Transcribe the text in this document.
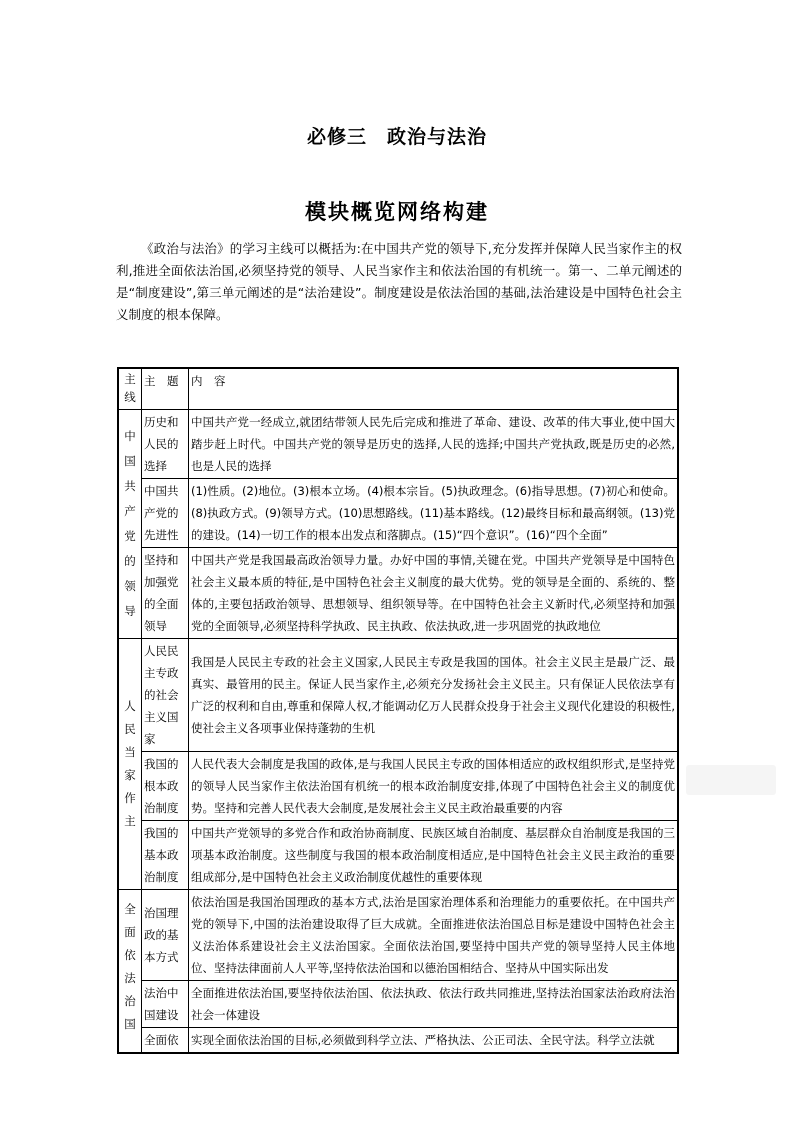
必修三　政治与法治
模块概览网络构建

《政治与法治》的学习主线可以概括为:在中国共产党的领导下,充分发挥并保障人民当家作主的权利,推进全面依法治国,必须坚持党的领导、人民当家作主和依法治国的有机统一。第一、二单元阐述的是“制度建设”,第三单元阐述的是“法治建设”。制度建设是依法治国的基础,法治建设是中国特色社会主义制度的根本保障。

主线	主　题	内　容

中国共产党的领导	历史和人民的选择	中国共产党一经成立,就团结带领人民先后完成和推进了革命、建设、改革的伟大事业,使中国大踏步赶上时代。中国共产党的领导是历史的选择,人民的选择;中国共产党执政,既是历史的必然,也是人民的选择
	中国共产党的先进性	(1)性质。(2)地位。(3)根本立场。(4)根本宗旨。(5)执政理念。(6)指导思想。(7)初心和使命。(8)执政方式。(9)领导方式。(10)思想路线。(11)基本路线。(12)最终目标和最高纲领。(13)党的建设。(14)一切工作的根本出发点和落脚点。(15)“四个意识”。(16)“四个全面”
	坚持和加强党的全面领导	中国共产党是我国最高政治领导力量。办好中国的事情,关键在党。中国共产党领导是中国特色社会主义最本质的特征,是中国特色社会主义制度的最大优势。党的领导是全面的、系统的、整体的,主要包括政治领导、思想领导、组织领导等。在中国特色社会主义新时代,必须坚持和加强党的全面领导,必须坚持科学执政、民主执政、依法执政,进一步巩固党的执政地位

人民当家作主	人民民主专政的社会主义国家	我国是人民民主专政的社会主义国家,人民民主专政是我国的国体。社会主义民主是最广泛、最真实、最管用的民主。保证人民当家作主,必须充分发扬社会主义民主。只有保证人民依法享有广泛的权利和自由,尊重和保障人权,才能调动亿万人民群众投身于社会主义现代化建设的积极性,使社会主义各项事业保持蓬勃的生机
	我国的根本政治制度	人民代表大会制度是我国的政体,是与我国人民民主专政的国体相适应的政权组织形式,是坚持党的领导人民当家作主依法治国有机统一的根本政治制度安排,体现了中国特色社会主义的制度优势。坚持和完善人民代表大会制度,是发展社会主义民主政治最重要的内容
	我国的基本政治制度	中国共产党领导的多党合作和政治协商制度、民族区域自治制度、基层群众自治制度是我国的三项基本政治制度。这些制度与我国的根本政治制度相适应,是中国特色社会主义民主政治的重要组成部分,是中国特色社会主义政治制度优越性的重要体现

全面依法治国	治国理政的基本方式	依法治国是我国治国理政的基本方式,法治是国家治理体系和治理能力的重要依托。在中国共产党的领导下,中国的法治建设取得了巨大成就。全面推进依法治国总目标是建设中国特色社会主义法治体系建设社会主义法治国家。全面依法治国,要坚持中国共产党的领导坚持人民主体地位、坚持法律面前人人平等,坚持依法治国和以德治国相结合、坚持从中国实际出发
	法治中国建设	全面推进依法治国,要坚持依法治国、依法执政、依法行政共同推进,坚持法治国家法治政府法治社会一体建设
	全面依	实现全面依法治国的目标,必须做到科学立法、严格执法、公正司法、全民守法。科学立法就
